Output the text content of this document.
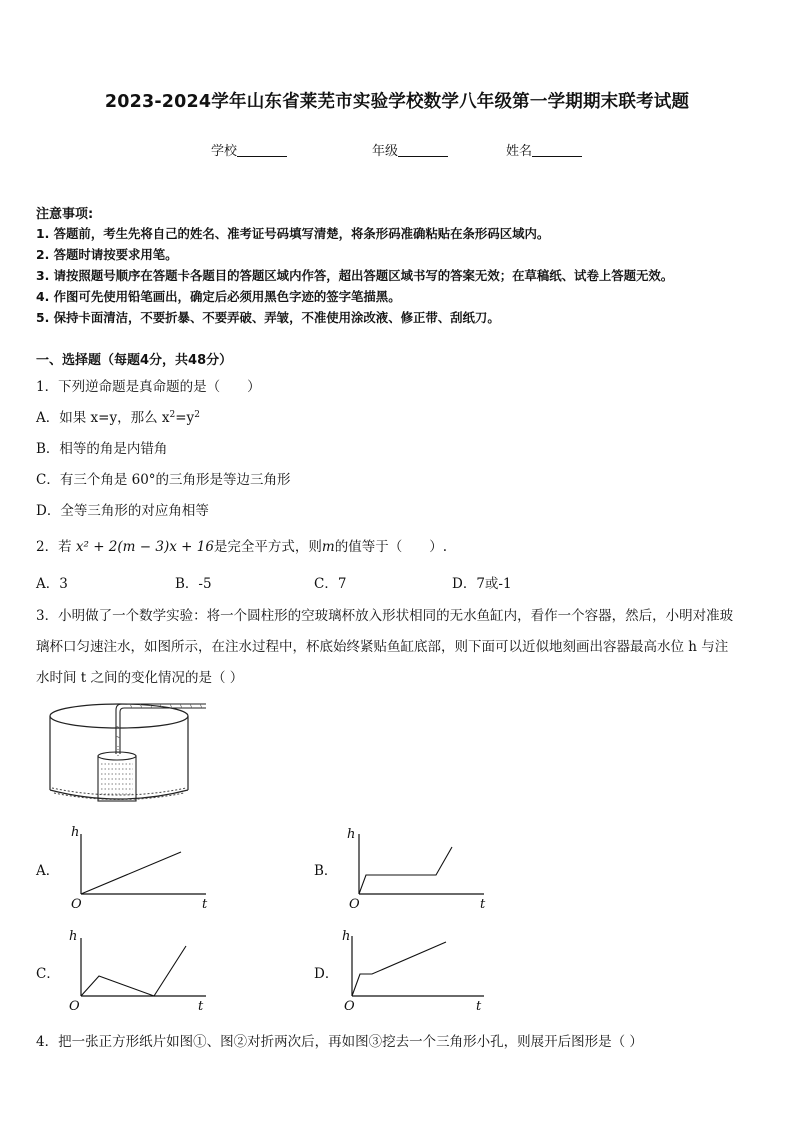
2023-2024学年山东省莱芜市实验学校数学八年级第一学期期末联考试题
学校	年级	姓名
注意事项:
1. 答题前，考生先将自己的姓名、准考证号码填写清楚，将条形码准确粘贴在条形码区域内。
2. 答题时请按要求用笔。
3. 请按照题号顺序在答题卡各题目的答题区域内作答，超出答题区域书写的答案无效；在草稿纸、试卷上答题无效。
4. 作图可先使用铅笔画出，确定后必须用黑色字迹的签字笔描黑。
5. 保持卡面清洁，不要折暴、不要弄破、弄皱，不准使用涂改液、修正带、刮纸刀。
一、选择题（每题4分，共48分）
1．下列逆命题是真命题的是（　　）
A．如果 x=y，那么 $x^2=y^2$
B．相等的角是内错角
C．有三个角是 60°的三角形是等边三角形
D．全等三角形的对应角相等
2．若 x² + 2(m − 3)x + 16是完全平方式，则m的值等于（　　）.
A．3	B．-5	C．7	D．7或-1
3．小明做了一个数学实验：将一个圆柱形的空玻璃杯放入形状相同的无水鱼缸内，看作一个容器，然后，小明对准玻
璃杯口匀速注水，如图所示，在注水过程中，杯底始终紧贴鱼缸底部，则下面可以近似地刻画出容器最高水位 h 与注
水时间 t 之间的变化情况的是（ ）
A．
h
t
O
B．
h
t
O
C．
h
t
O
D．
h
t
O
4．把一张正方形纸片如图①、图②对折两次后，再如图③挖去一个三角形小孔，则展开后图形是（ ）
